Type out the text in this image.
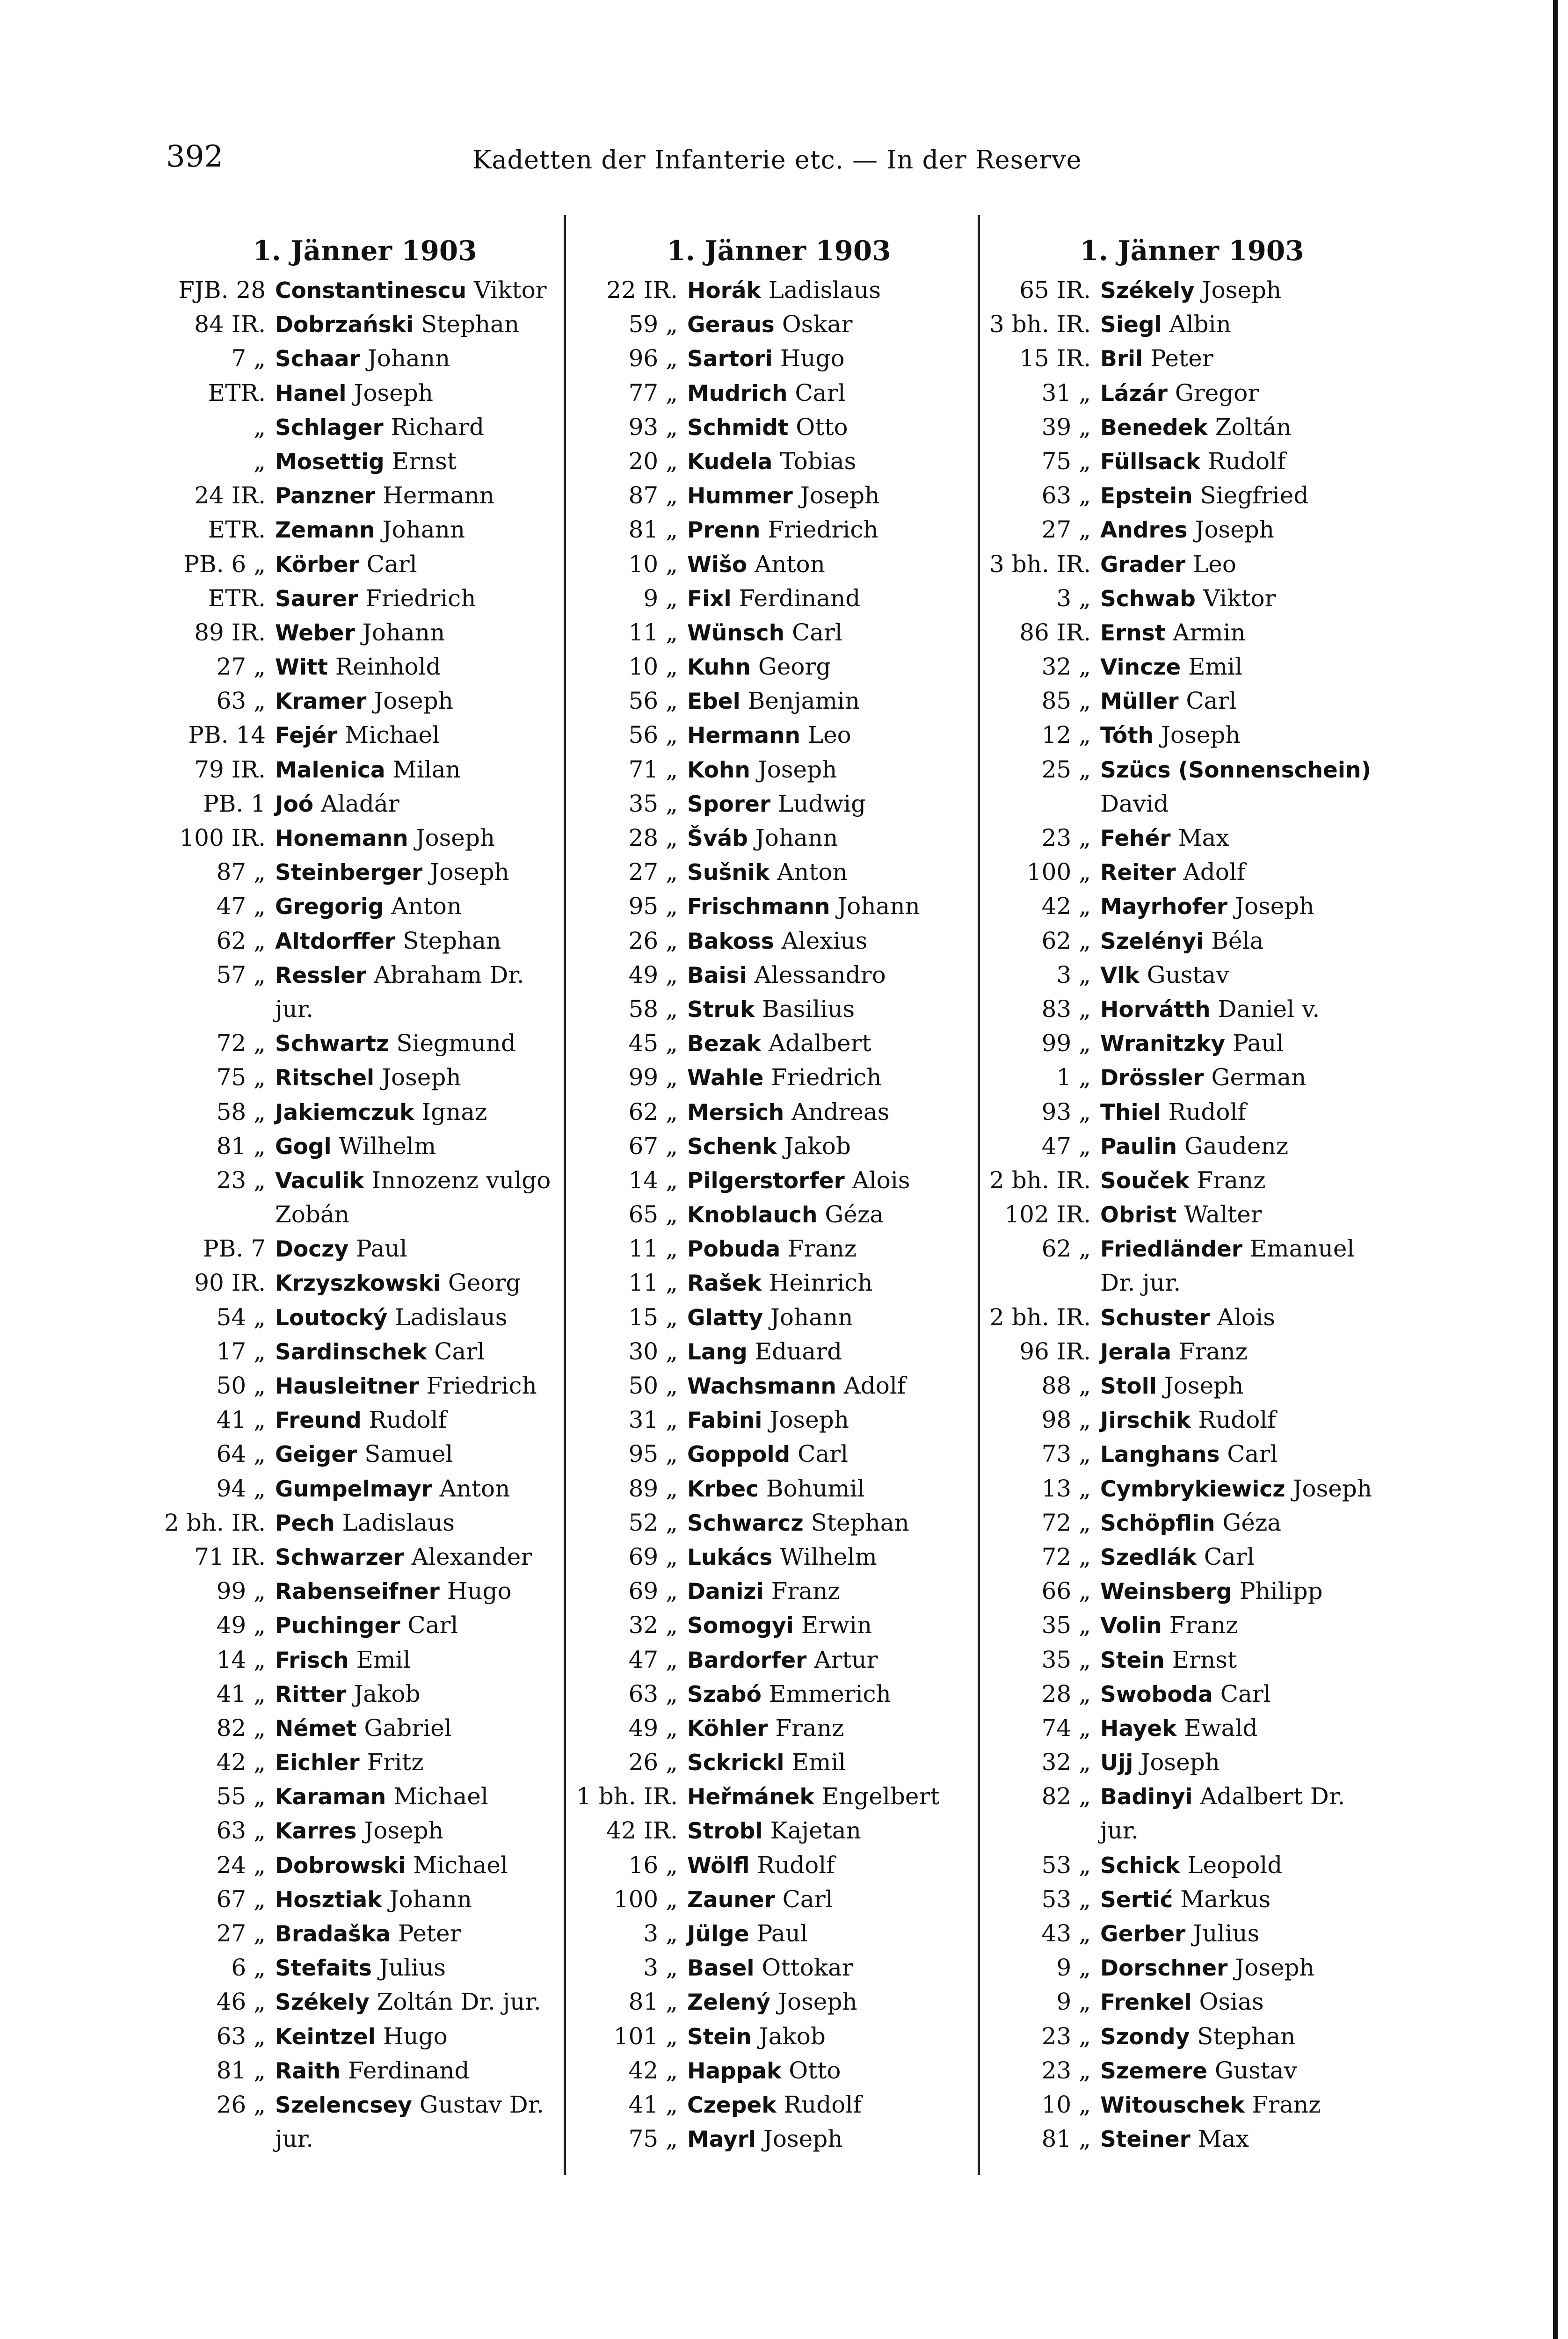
392	Kadetten der Infanterie etc. — In der Reserve
1. Jänner 1903
FJB. 28 Constantinescu Viktor
84 IR. Dobrzański Stephan
7 „ Schaar Johann
ETR. Hanel Joseph
„ Schlager Richard
„ Mosettig Ernst
24 IR. Panzner Hermann
ETR. Zemann Johann
PB. 6 „ Körber Carl
ETR. Saurer Friedrich
89 IR. Weber Johann
27 „ Witt Reinhold
63 „ Kramer Joseph
PB. 14 Fejér Michael
79 IR. Malenica Milan
PB. 1 Joó Aladár
100 IR. Honemann Joseph
87 „ Steinberger Joseph
47 „ Gregorig Anton
62 „ Altdorffer Stephan
57 „ Ressler Abraham Dr.
jur.
72 „ Schwartz Siegmund
75 „ Ritschel Joseph
58 „ Jakiemczuk Ignaz
81 „ Gogl Wilhelm
23 „ Vaculik Innozenz vulgo
Zobán
PB. 7 Doczy Paul
90 IR. Krzyszkowski Georg
54 „ Loutocký Ladislaus
17 „ Sardinschek Carl
50 „ Hausleitner Friedrich
41 „ Freund Rudolf
64 „ Geiger Samuel
94 „ Gumpelmayr Anton
2 bh. IR. Pech Ladislaus
71 IR. Schwarzer Alexander
99 „ Rabenseifner Hugo
49 „ Puchinger Carl
14 „ Frisch Emil
41 „ Ritter Jakob
82 „ Német Gabriel
42 „ Eichler Fritz
55 „ Karaman Michael
63 „ Karres Joseph
24 „ Dobrowski Michael
67 „ Hosztiak Johann
27 „ Bradaška Peter
6 „ Stefaits Julius
46 „ Székely Zoltán Dr. jur.
63 „ Keintzel Hugo
81 „ Raith Ferdinand
26 „ Szelencsey Gustav Dr.
jur.
1. Jänner 1903
22 IR. Horák Ladislaus
59 „ Geraus Oskar
96 „ Sartori Hugo
77 „ Mudrich Carl
93 „ Schmidt Otto
20 „ Kudela Tobias
87 „ Hummer Joseph
81 „ Prenn Friedrich
10 „ Wišo Anton
9 „ Fixl Ferdinand
11 „ Wünsch Carl
10 „ Kuhn Georg
56 „ Ebel Benjamin
56 „ Hermann Leo
71 „ Kohn Joseph
35 „ Sporer Ludwig
28 „ Šváb Johann
27 „ Sušnik Anton
95 „ Frischmann Johann
26 „ Bakoss Alexius
49 „ Baisi Alessandro
58 „ Struk Basilius
45 „ Bezak Adalbert
99 „ Wahle Friedrich
62 „ Mersich Andreas
67 „ Schenk Jakob
14 „ Pilgerstorfer Alois
65 „ Knoblauch Géza
11 „ Pobuda Franz
11 „ Rašek Heinrich
15 „ Glatty Johann
30 „ Lang Eduard
50 „ Wachsmann Adolf
31 „ Fabini Joseph
95 „ Goppold Carl
89 „ Krbec Bohumil
52 „ Schwarcz Stephan
69 „ Lukács Wilhelm
69 „ Danizi Franz
32 „ Somogyi Erwin
47 „ Bardorfer Artur
63 „ Szabó Emmerich
49 „ Köhler Franz
26 „ Sckrickl Emil
1 bh. IR. Heřmánek Engelbert
42 IR. Strobl Kajetan
16 „ Wölfl Rudolf
100 „ Zauner Carl
3 „ Jülge Paul
3 „ Basel Ottokar
81 „ Zelený Joseph
101 „ Stein Jakob
42 „ Happak Otto
41 „ Czepek Rudolf
75 „ Mayrl Joseph
1. Jänner 1903
65 IR. Székely Joseph
3 bh. IR. Siegl Albin
15 IR. Bril Peter
31 „ Lázár Gregor
39 „ Benedek Zoltán
75 „ Füllsack Rudolf
63 „ Epstein Siegfried
27 „ Andres Joseph
3 bh. IR. Grader Leo
3 „ Schwab Viktor
86 IR. Ernst Armin
32 „ Vincze Emil
85 „ Müller Carl
12 „ Tóth Joseph
25 „ Szücs (Sonnenschein)
David
23 „ Fehér Max
100 „ Reiter Adolf
42 „ Mayrhofer Joseph
62 „ Szelényi Béla
3 „ Vlk Gustav
83 „ Horvátth Daniel v.
99 „ Wranitzky Paul
1 „ Drössler German
93 „ Thiel Rudolf
47 „ Paulin Gaudenz
2 bh. IR. Souček Franz
102 IR. Obrist Walter
62 „ Friedländer Emanuel
Dr. jur.
2 bh. IR. Schuster Alois
96 IR. Jerala Franz
88 „ Stoll Joseph
98 „ Jirschik Rudolf
73 „ Langhans Carl
13 „ Cymbrykiewicz Joseph
72 „ Schöpflin Géza
72 „ Szedlák Carl
66 „ Weinsberg Philipp
35 „ Volin Franz
35 „ Stein Ernst
28 „ Swoboda Carl
74 „ Hayek Ewald
32 „ Ujj Joseph
82 „ Badinyi Adalbert Dr.
jur.
53 „ Schick Leopold
53 „ Sertić Markus
43 „ Gerber Julius
9 „ Dorschner Joseph
9 „ Frenkel Osias
23 „ Szondy Stephan
23 „ Szemere Gustav
10 „ Witouschek Franz
81 „ Steiner Max
